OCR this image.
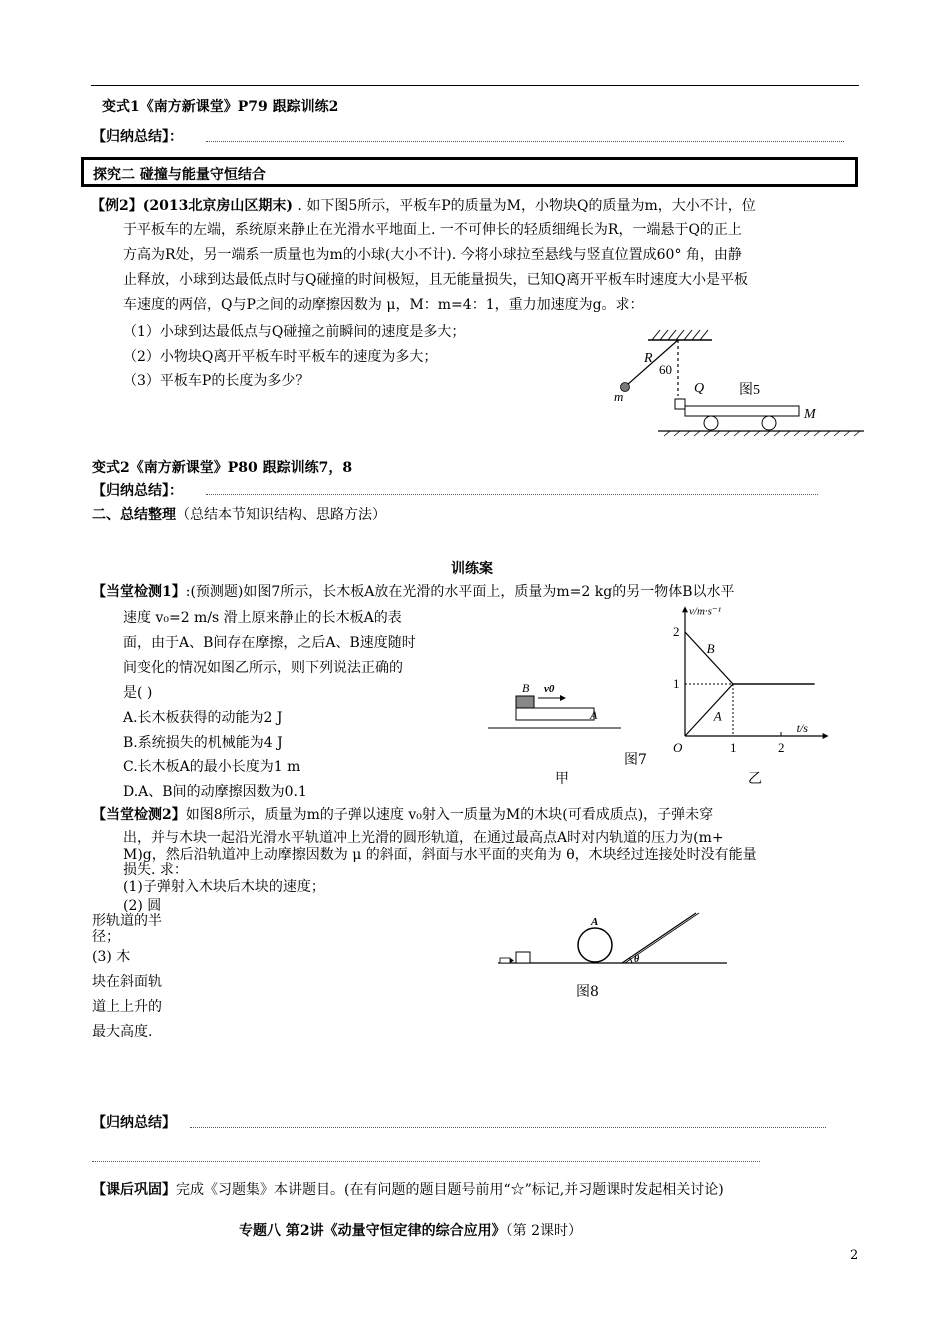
变式1《南方新课堂》P79 跟踪训练2
【归纳总结】：
探究二 碰撞与能量守恒结合
【例2】(2013北京房山区期末) . 如下图5所示，平板车P的质量为M，小物块Q的质量为m，大小不计，位
于平板车的左端，系统原来静止在光滑水平地面上. 一不可伸长的轻质细绳长为R，一端悬于Q的正上
方高为R处，另一端系一质量也为m的小球(大小不计). 今将小球拉至悬线与竖直位置成60° 角，由静
止释放，小球到达最低点时与Q碰撞的时间极短，且无能量损失，已知Q离开平板车时速度大小是平板
车速度的两倍，Q与P之间的动摩擦因数为 μ，M：m=4：1，重力加速度为g。求：
（1）小球到达最低点与Q碰撞之前瞬间的速度是多大；
（2）小物块Q离开平板车时平板车的速度为多大；
（3）平板车P的长度为多少？
R
60
Q
m
M
图5
变式2《南方新课堂》P80 跟踪训练7，8
【归纳总结】：
二、总结整理（总结本节知识结构、思路方法）
训练案
【当堂检测1】:(预测题)如图7所示，长木板A放在光滑的水平面上，质量为m=2 kg的另一物体B以水平
速度 v₀=2 m/s 滑上原来静止的长木板A的表
面，由于A、B间存在摩擦，之后A、B速度随时
间变化的情况如图乙所示，则下列说法正确的
是( )
A.长木板获得的动能为2 J
B.系统损失的机械能为4 J
C.长木板A的最小长度为1 m
D.A、B间的动摩擦因数为0.1
B v0
A
B
A
O	1	2
1
2
v/m·s⁻¹
t/s
甲
图7
乙
【当堂检测2】如图8所示，质量为m的子弹以速度 v₀射入一质量为M的木块(可看成质点)，子弹未穿
出，并与木块一起沿光滑水平轨道冲上光滑的圆形轨道，在通过最高点A时对内轨道的压力为(m+
M)g，然后沿轨道冲上动摩擦因数为 μ 的斜面，斜面与水平面的夹角为 θ，木块经过连接处时没有能量
损失. 求：
(1)子弹射入木块后木块的速度；
(2) 圆
形轨道的半
径；
(3) 木
块在斜面轨
道上上升的
最大高度.
A
θ
图8
【归纳总结】
【课后巩固】完成《习题集》本讲题目。(在有问题的题目题号前用“☆”标记,并习题课时发起相关讨论)
专题八 第2讲《动量守恒定律的综合应用》（第 2课时）
2
